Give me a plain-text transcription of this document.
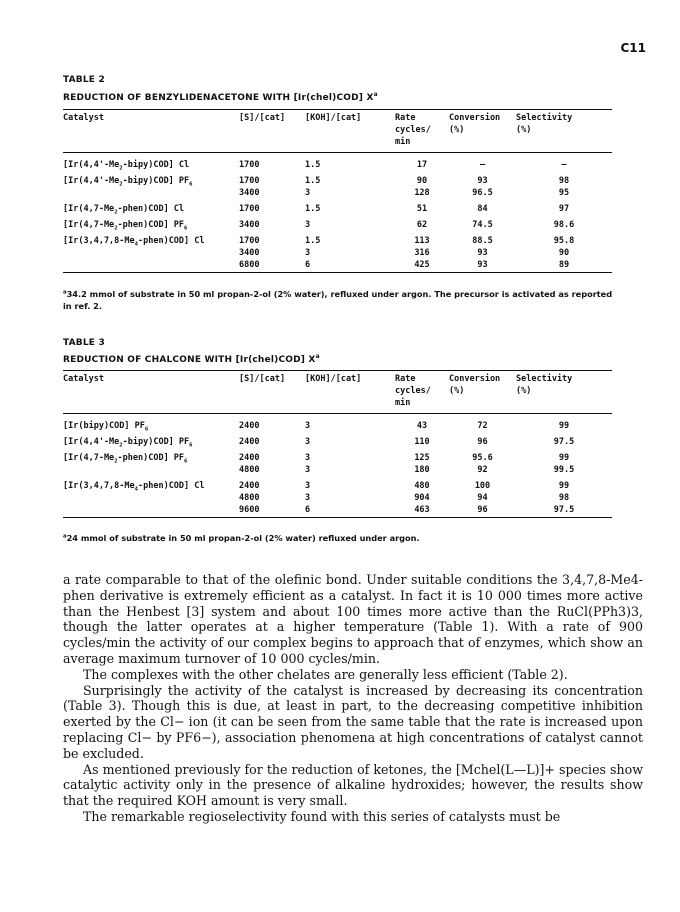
C11
TABLE 2
REDUCTION OF BENZYLIDENACETONE WITH [Ir(chel)COD] $X^a$
Catalyst	[S]/[cat]	[KOH]/[cat]	Rate	Conversion	Selectivity
			cycles/	(%)	(%)
			min		
$[Ir(4,4'-Me_2-bipy)COD]$ Cl	1700	1.5	17	—	—
$[Ir(4,4'-Me_2-bipy)COD]$ $PF_6$	1700	1.5	90	93	98
	3400	3	128	96.5	95
$[Ir(4,7-Me_2-phen)COD]$ Cl	1700	1.5	51	84	97
$[Ir(4,7-Me_2-phen)COD]$ $PF_6$	3400	3	62	74.5	98.6
$[Ir(3,4,7,8-Me_4-phen)COD]$ Cl	1700	1.5	113	88.5	95.8
	3400	3	316	93	90
	6800	6	425	93	89
$^a$34.2 mmol of substrate in 50 ml propan-2-ol (2% water), refluxed under argon. The precursor is activated as reported in ref. 2.
TABLE 3
REDUCTION OF CHALCONE WITH [Ir(chel)COD] $X^a$
Catalyst	[S]/[cat]	[KOH]/[cat]	Rate	Conversion	Selectivity
			cycles/	(%)	(%)
			min		
[Ir(bipy)COD] $PF_6$	2400	3	43	72	99
$[Ir(4,4'-Me_2-bipy)COD]$ $PF_6$	2400	3	110	96	97.5
$[Ir(4,7-Me_2-phen)COD]$ $PF_6$	2400	3	125	95.6	99
	4800	3	180	92	99.5
$[Ir(3,4,7,8-Me_4-phen)COD]$ Cl	2400	3	480	100	99
	4800	3	904	94	98
	9600	6	463	96	97.5
$^a$24 mmol of substrate in 50 ml propan-2-ol (2% water) refluxed under argon.

a rate comparable to that of the olefinic bond. Under suitable conditions the 3,4,7,8-Me4-phen derivative is extremely efficient as a catalyst. In fact it is 10 000 times more active than the Henbest [3] system and about 100 times more active than the RuCl(PPh3)3, though the latter operates at a higher temperature (Table 1). With a rate of 900 cycles/min the activity of our complex begins to approach that of enzymes, which show an average maximum turnover of 10 000 cycles/min.

The complexes with the other chelates are generally less efficient (Table 2).

Surprisingly the activity of the catalyst is increased by decreasing its concentration (Table 3). Though this is due, at least in part, to the decreasing competitive inhibition exerted by the Cl− ion (it can be seen from the same table that the rate is increased upon replacing Cl− by PF6−), association phenomena at high concentrations of catalyst cannot be excluded.

As mentioned previously for the reduction of ketones, the [Mchel(L—L)]+ species show catalytic activity only in the presence of alkaline hydroxides; however, the results show that the required KOH amount is very small.

The remarkable regioselectivity found with this series of catalysts must be
